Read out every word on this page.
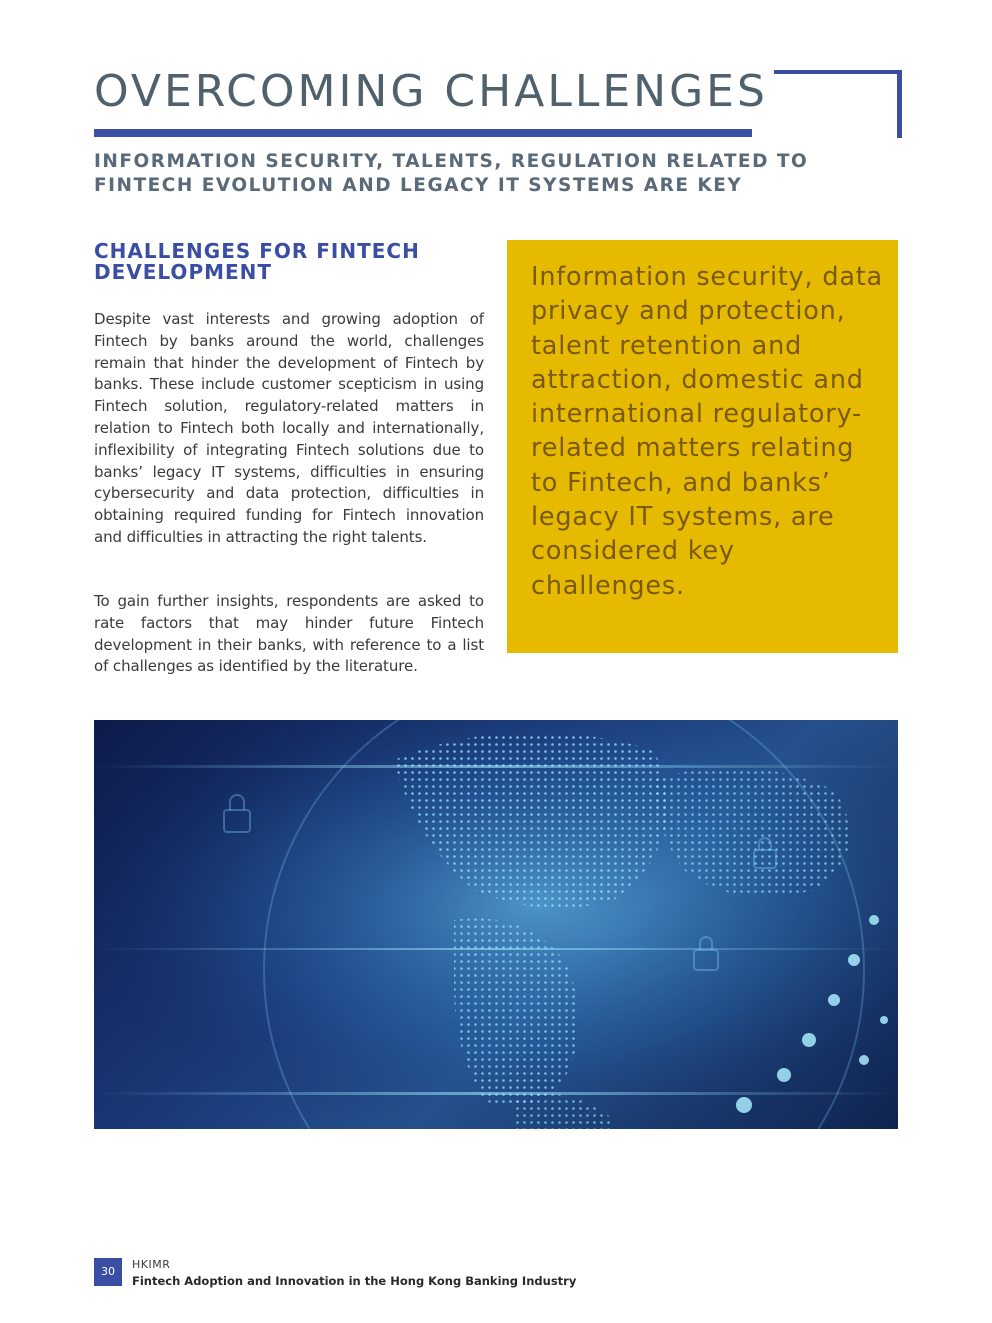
OVERCOMING CHALLENGES
INFORMATION SECURITY, TALENTS, REGULATION RELATED TO FINTECH EVOLUTION AND LEGACY IT SYSTEMS ARE KEY
CHALLENGES FOR FINTECH DEVELOPMENT

Despite vast interests and growing adoption of Fintech by banks around the world, challenges remain that hinder the development of Fintech by banks. These include customer scepticism in using Fintech solution, regulatory-related matters in relation to Fintech both locally and internationally, inflexibility of integrating Fintech solutions due to banks’ legacy IT systems, difficulties in ensuring cybersecurity and data protection, difficulties in obtaining required funding for Fintech innovation and difficulties in attracting the right talents.

To gain further insights, respondents are asked to rate factors that may hinder future Fintech development in their banks, with reference to a list of challenges as identified by the literature.

Information security, data privacy and protection, talent retention and attraction, domestic and international regulatory-related matters relating to Fintech, and banks’ legacy IT systems, are considered key challenges.

30
HKIMR
Fintech Adoption and Innovation in the Hong Kong Banking Industry
